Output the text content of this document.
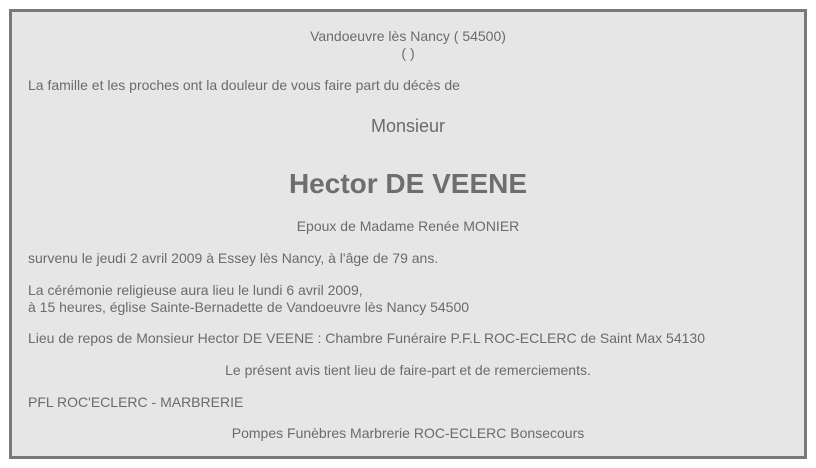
Vandoeuvre lès Nancy ( 54500)
( )
La famille et les proches ont la douleur de vous faire part du décès de
Monsieur
Hector DE VEENE
Epoux de Madame Renée MONIER
survenu le jeudi 2 avril 2009 à Essey lès Nancy, à l'âge de 79 ans.
La cérémonie religieuse aura lieu le lundi 6 avril 2009,
à 15 heures, église Sainte-Bernadette de Vandoeuvre lès Nancy 54500
Lieu de repos de Monsieur Hector DE VEENE : Chambre Funéraire P.F.L ROC-ECLERC de Saint Max 54130
Le présent avis tient lieu de faire-part et de remerciements.
PFL ROC'ECLERC - MARBRERIE
Pompes Funèbres Marbrerie ROC-ECLERC Bonsecours
